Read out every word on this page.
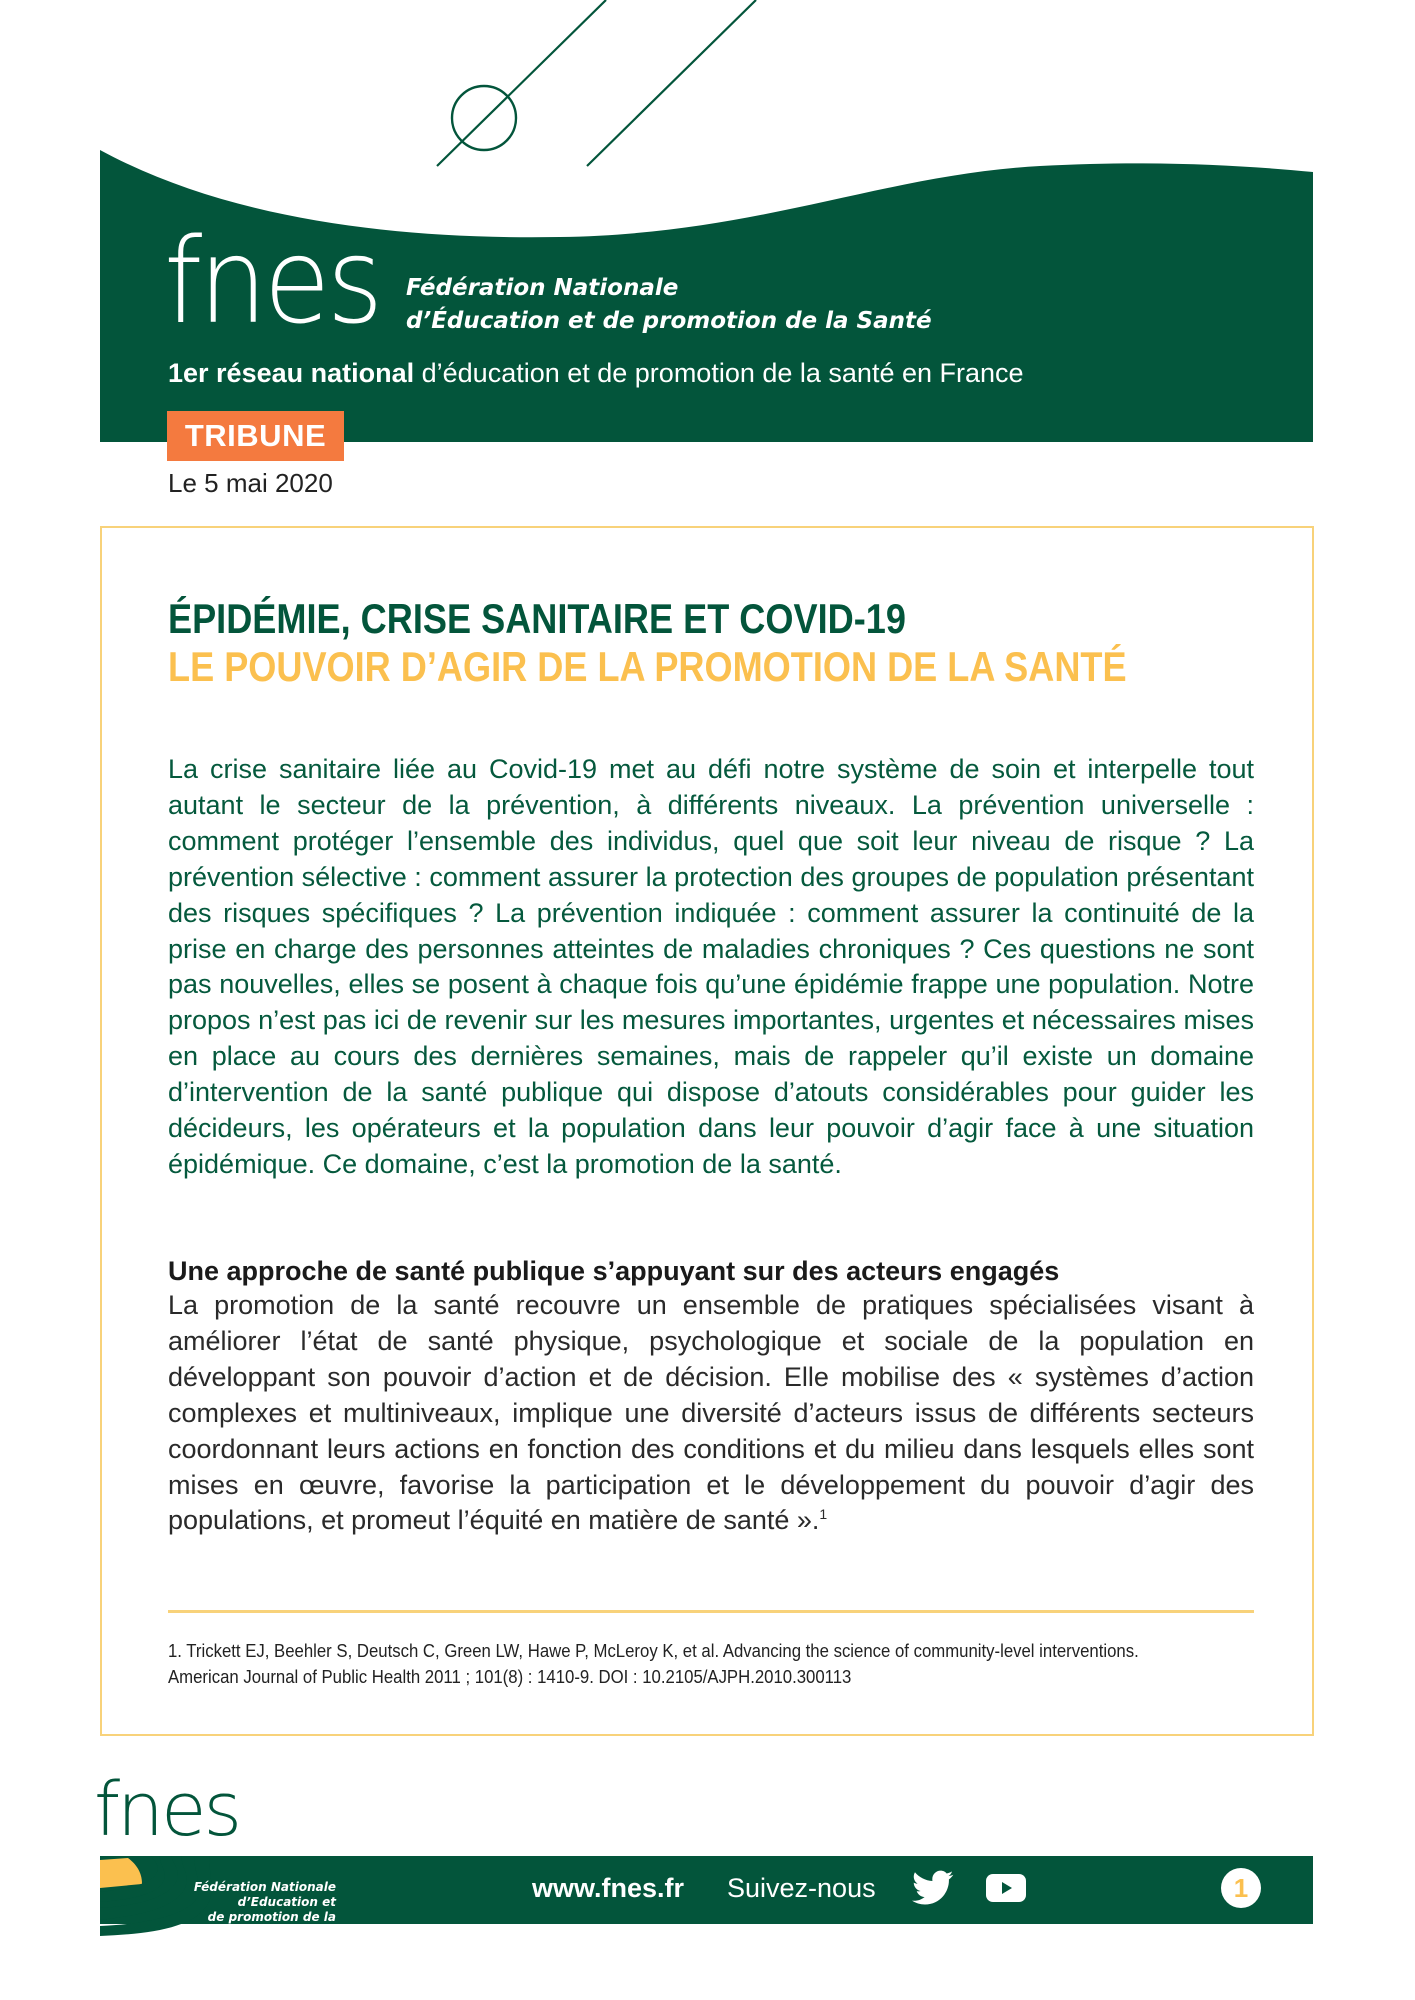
fnes Fédération Nationale
d’Éducation et de promotion de la Santé
1er réseau national d’éducation et de promotion de la santé en France
TRIBUNE
Le 5 mai 2020
ÉPIDÉMIE, CRISE SANITAIRE ET COVID-19
LE POUVOIR D’AGIR DE LA PROMOTION DE LA SANTÉ

La crise sanitaire liée au Covid-19 met au défi notre système de soin et interpelle tout autant le secteur de la prévention, à différents niveaux. La prévention universelle : comment protéger l’ensemble des individus, quel que soit leur niveau de risque ? La prévention sélective : comment assurer la protection des groupes de population présentant des risques spécifiques ? La prévention indiquée : comment assurer la continuité de la prise en charge des personnes atteintes de maladies chroniques ? Ces questions ne sont pas nouvelles, elles se posent à chaque fois qu’une épidémie frappe une population. Notre propos n’est pas ici de revenir sur les mesures importantes, urgentes et nécessaires mises en place au cours des dernières semaines, mais de rappeler qu’il existe un domaine d’intervention de la santé publique qui dispose d’atouts considérables pour guider les décideurs, les opérateurs et la population dans leur pouvoir d’agir face à une situation épidémique. Ce domaine, c’est la promotion de la santé.

Une approche de santé publique s’appuyant sur des acteurs engagés

La promotion de la santé recouvre un ensemble de pratiques spécialisées visant à améliorer l’état de santé physique, psychologique et sociale de la population en développant son pouvoir d’action et de décision. Elle mobilise des « systèmes d’action complexes et multiniveaux, implique une diversité d’acteurs issus de différents secteurs coordonnant leurs actions en fonction des conditions et du milieu dans lesquels elles sont mises en œuvre, favorise la participation et le développement du pouvoir d’agir des populations, et promeut l’équité en matière de santé ».$^1$

1. Trickett EJ, Beehler S, Deutsch C, Green LW, Hawe P, McLeroy K, et al. Advancing the science of community-level interventions.
American Journal of Public Health 2011 ; 101(8) : 1410-9. DOI : 10.2105/AJPH.2010.300113
fnes
Fédération Nationale
d’Education et
de promotion de la Santé
www.fnes.fr Suivez-nous	1
